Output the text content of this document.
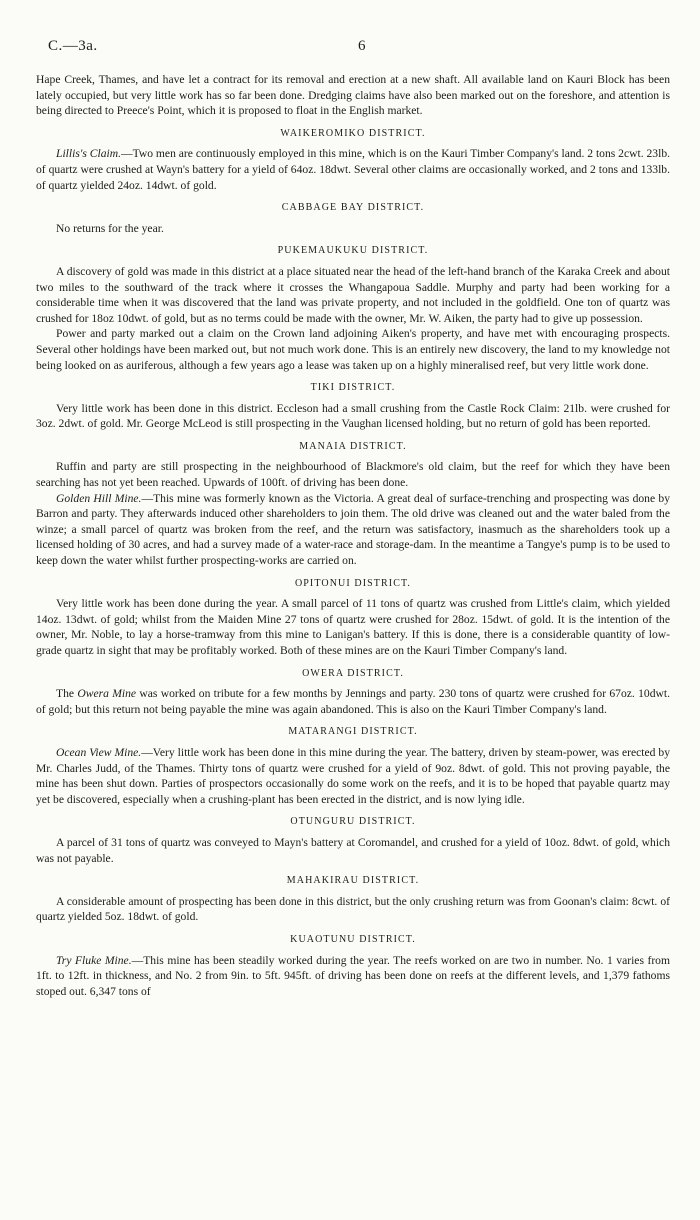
C.—3a.	6

Hape Creek, Thames, and have let a contract for its removal and erection at a new shaft. All available land on Kauri Block has been lately occupied, but very little work has so far been done. Dredging claims have also been marked out on the foreshore, and attention is being directed to Preece's Point, which it is proposed to float in the English market.

WAIKEROMIKO DISTRICT.

Lillis's Claim.—Two men are continuously employed in this mine, which is on the Kauri Timber Company's land. 2 tons 2cwt. 23lb. of quartz were crushed at Wayn's battery for a yield of 64oz. 18dwt. Several other claims are occasionally worked, and 2 tons and 133lb. of quartz yielded 24oz. 14dwt. of gold.

CABBAGE BAY DISTRICT.

No returns for the year.

PUKEMAUKUKU DISTRICT.

A discovery of gold was made in this district at a place situated near the head of the left-hand branch of the Karaka Creek and about two miles to the southward of the track where it crosses the Whangapoua Saddle. Murphy and party had been working for a considerable time when it was discovered that the land was private property, and not included in the goldfield. One ton of quartz was crushed for 18oz 10dwt. of gold, but as no terms could be made with the owner, Mr. W. Aiken, the party had to give up possession.

Power and party marked out a claim on the Crown land adjoining Aiken's property, and have met with encouraging prospects. Several other holdings have been marked out, but not much work done. This is an entirely new discovery, the land to my knowledge not being looked on as auriferous, although a few years ago a lease was taken up on a highly mineralised reef, but very little work done.

TIKI DISTRICT.

Very little work has been done in this district. Eccleson had a small crushing from the Castle Rock Claim: 21lb. were crushed for 3oz. 2dwt. of gold. Mr. George McLeod is still prospecting in the Vaughan licensed holding, but no return of gold has been reported.

MANAIA DISTRICT.

Ruffin and party are still prospecting in the neighbourhood of Blackmore's old claim, but the reef for which they have been searching has not yet been reached. Upwards of 100ft. of driving has been done.

Golden Hill Mine.—This mine was formerly known as the Victoria. A great deal of surface-trenching and prospecting was done by Barron and party. They afterwards induced other shareholders to join them. The old drive was cleaned out and the water baled from the winze; a small parcel of quartz was broken from the reef, and the return was satisfactory, inasmuch as the shareholders took up a licensed holding of 30 acres, and had a survey made of a water-race and storage-dam. In the meantime a Tangye's pump is to be used to keep down the water whilst further prospecting-works are carried on.

OPITONUI DISTRICT.

Very little work has been done during the year. A small parcel of 11 tons of quartz was crushed from Little's claim, which yielded 14oz. 13dwt. of gold; whilst from the Maiden Mine 27 tons of quartz were crushed for 28oz. 15dwt. of gold. It is the intention of the owner, Mr. Noble, to lay a horse-tramway from this mine to Lanigan's battery. If this is done, there is a considerable quantity of low-grade quartz in sight that may be profitably worked. Both of these mines are on the Kauri Timber Company's land.

OWERA DISTRICT.

The Owera Mine was worked on tribute for a few months by Jennings and party. 230 tons of quartz were crushed for 67oz. 10dwt. of gold; but this return not being payable the mine was again abandoned. This is also on the Kauri Timber Company's land.

MATARANGI DISTRICT.

Ocean View Mine.—Very little work has been done in this mine during the year. The battery, driven by steam-power, was erected by Mr. Charles Judd, of the Thames. Thirty tons of quartz were crushed for a yield of 9oz. 8dwt. of gold. This not proving payable, the mine has been shut down. Parties of prospectors occasionally do some work on the reefs, and it is to be hoped that payable quartz may yet be discovered, especially when a crushing-plant has been erected in the district, and is now lying idle.

OTUNGURU DISTRICT.

A parcel of 31 tons of quartz was conveyed to Mayn's battery at Coromandel, and crushed for a yield of 10oz. 8dwt. of gold, which was not payable.

MAHAKIRAU DISTRICT.

A considerable amount of prospecting has been done in this district, but the only crushing return was from Goonan's claim: 8cwt. of quartz yielded 5oz. 18dwt. of gold.

KUAOTUNU DISTRICT.

Try Fluke Mine.—This mine has been steadily worked during the year. The reefs worked on are two in number. No. 1 varies from 1ft. to 12ft. in thickness, and No. 2 from 9in. to 5ft. 945ft. of driving has been done on reefs at the different levels, and 1,379 fathoms stoped out. 6,347 tons of
